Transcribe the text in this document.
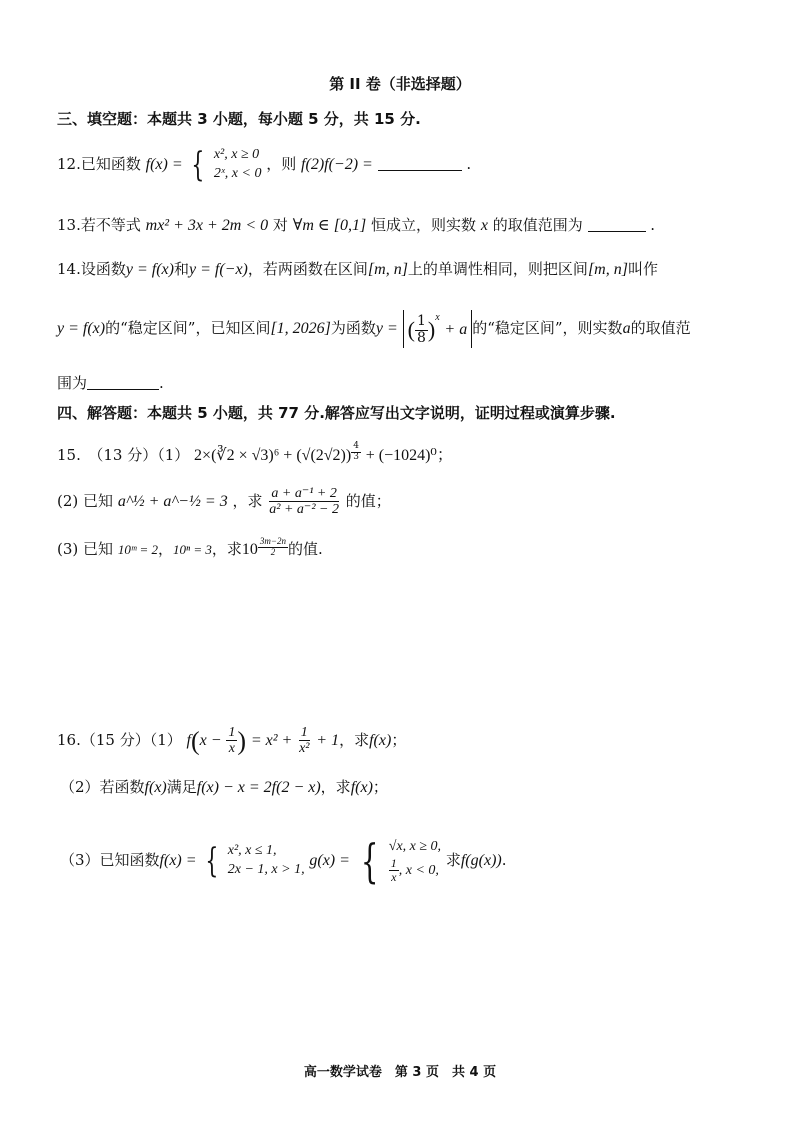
第 II 卷（非选择题）
三、填空题：本题共 3 小题，每小题 5 分，共 15 分.
12.已知函数 f(x) = { x², x ≥ 0
2ˣ, x < 0
，则 f(2)f(−2) =	.
13.若不等式 mx² + 3x + 2m < 0 对 ∀m ∈ [0,1] 恒成立，则实数 x 的取值范围为	.
14.设函数y = f(x)和y = f(−x)，若两函数在区间[m, n]上的单调性相同，则把区间[m, n]叫作
y = f(x)的“稳定区间”，已知区间[1, 2026]为函数y = ( $\frac{1}{8} )^x + a$ 的“稳定区间”，则实数a的取值范
围为	.
四、解答题：本题共 5 小题，共 77 分.解答应写出文字说明，证明过程或演算步骤.
15.　（13 分）（1） 2×(∛2 × $√3)^6 + (√(2√2)) \frac{4}{3} + (-1024)^0$；
(2) 已知 a^½ + a^−½ = 3 ，求 $\frac{\text{a + a⁻¹ + 2}}{\text{a² + a⁻² − 2}}$ 的值；
(3) 已知 10ᵐ = 2，10ⁿ = 3，求$10 \frac{3m-2n}{2}$ 的值.
16.（15 分）（1） $f(x - \frac{1}{x}$ ) = $x^2 + \frac{1}{\text{x²}} + 1$，求f(x)；
（2）若函数f(x)满足f(x) − x = 2f(2 − x)，求f(x)；
（3）已知函数f(x) = { x², x ≤ 1,
2x − 1, x > 1,
g(x) = { √x, x ≥ 0,
$\frac{1}{x}$ , x < 0,
求f(g(x)).
高一数学试卷　第 3 页　共 4 页
